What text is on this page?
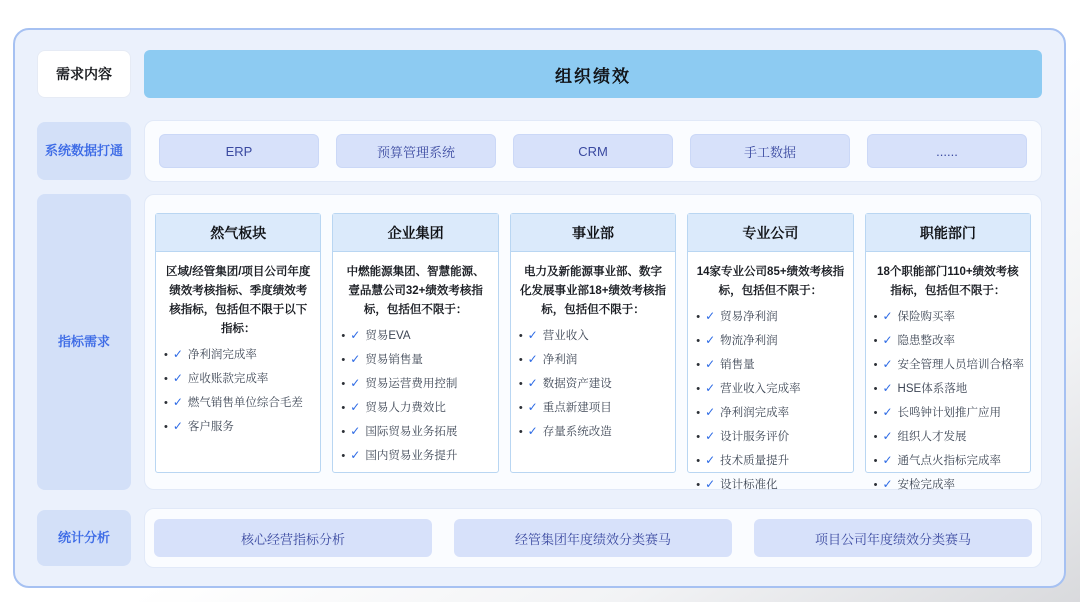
需求内容	组织绩效
系统数据打通	ERP	预算管理系统	CRM	手工数据	......
指标需求
然气板块
区域/经管集团/项目公司年度绩效考核指标、季度绩效考核指标，包括但不限于以下指标：
• ✓ 净利润完成率
• ✓ 应收账款完成率
• ✓ 燃气销售单位综合毛差
• ✓ 客户服务
企业集团
中燃能源集团、智慧能源、壹品慧公司32+绩效考核指标，包括但不限于：
• ✓ 贸易EVA
• ✓ 贸易销售量
• ✓ 贸易运营费用控制
• ✓ 贸易人力费效比
• ✓ 国际贸易业务拓展
• ✓ 国内贸易业务提升
事业部
电力及新能源事业部、数字化发展事业部18+绩效考核指标，包括但不限于：
• ✓ 营业收入
• ✓ 净利润
• ✓ 数据资产建设
• ✓ 重点新建项目
• ✓ 存量系统改造
专业公司
14家专业公司85+绩效考核指标，包括但不限于：
• ✓ 贸易净利润
• ✓ 物流净利润
• ✓ 销售量
• ✓ 营业收入完成率
• ✓ 净利润完成率
• ✓ 设计服务评价
• ✓ 技术质量提升
• ✓ 设计标准化
职能部门
18个职能部门110+绩效考核指标，包括但不限于：
• ✓ 保险购买率
• ✓ 隐患整改率
• ✓ 安全管理人员培训合格率
• ✓ HSE体系落地
• ✓ 长鸣钟计划推广应用
• ✓ 组织人才发展
• ✓ 通气点火指标完成率
• ✓ 安检完成率
统计分析	核心经营指标分析	经管集团年度绩效分类赛马	项目公司年度绩效分类赛马
